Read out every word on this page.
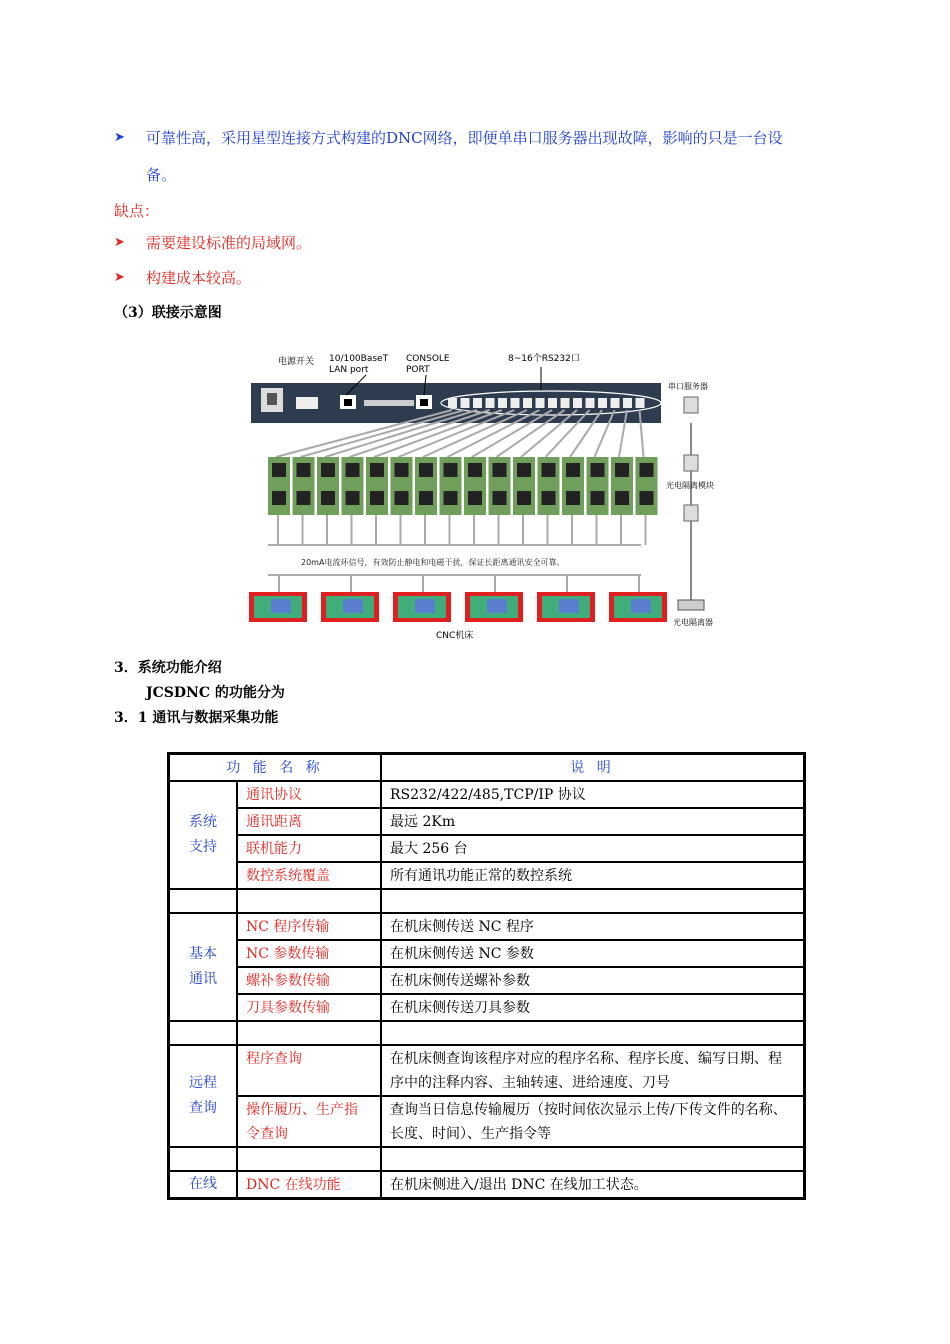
➤ 可靠性高，采用星型连接方式构建的DNC网络，即便单串口服务器出现故障，影响的只是一台设
备。
缺点：
➤ 需要建设标准的局域网。
➤ 构建成本较高。
（3）联接示意图
电源开关 10/100BaseT
LAN port
CONSOLE
PORT
8~16个RS232口
20mA电流环信号，有效防止静电和电磁干扰，保证长距离通讯安全可靠。
CNC机床
串口服务器
光电隔离模块
光电隔离器
3．系统功能介绍
JCSDNC 的功能分为
3．1 通讯与数据采集功能
功 能 名 称		说 明
系统
支持	通讯协议	RS232/422/485,TCP/IP 协议
	通讯距离	最远 2Km
	联机能力	最大 256 台
	数控系统覆盖	所有通讯功能正常的数控系统

基本
通讯	NC 程序传输	在机床侧传送 NC 程序
	NC 参数传输	在机床侧传送 NC 参数
	螺补参数传输	在机床侧传送螺补参数
	刀具参数传输	在机床侧传送刀具参数

远程
查询	程序查询	在机床侧查询该程序对应的程序名称、程序长度、编写日期、程
序中的注释内容、主轴转速、进给速度、刀号
	操作履历、生产指
令查询	查询当日信息传输履历（按时间依次显示上传/下传文件的名称、
长度、时间）、生产指令等

在线	DNC 在线功能	在机床侧进入/退出 DNC 在线加工状态。
